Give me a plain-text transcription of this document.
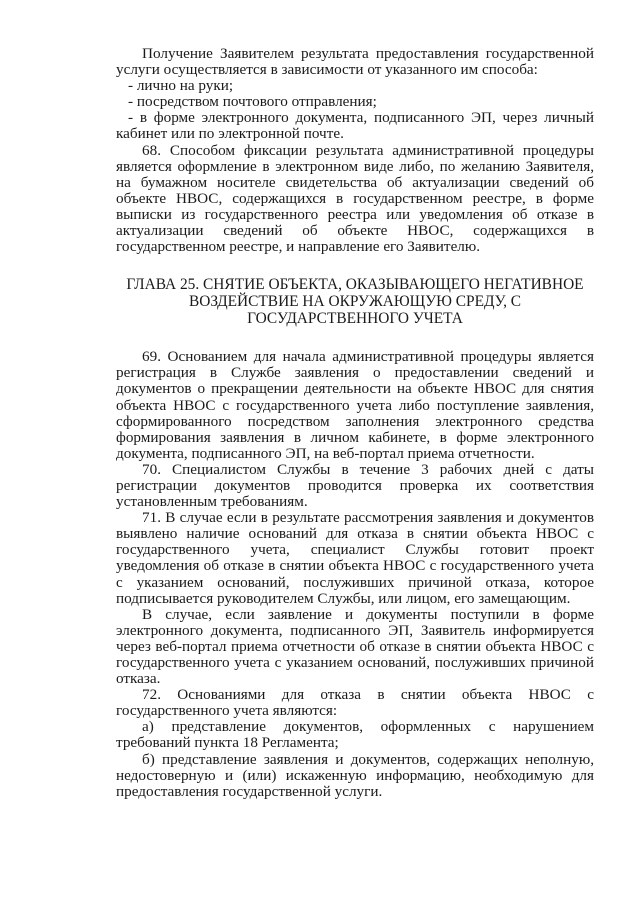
Получение Заявителем результата предоставления государственной услуги осуществляется в зависимости от указанного им способа:

- лично на руки;

- посредством почтового отправления;

- в форме электронного документа, подписанного ЭП, через личный кабинет или по электронной почте.

68. Способом фиксации результата административной процедуры является оформление в электронном виде либо, по желанию Заявителя, на бумажном носителе свидетельства об актуализации сведений об объекте НВОС, содержащихся в государственном реестре, в форме выписки из государственного реестра или уведомления об отказе в актуализации сведений об объекте НВОС, содержащихся в государственном реестре, и направление его Заявителю.

ГЛАВА 25. СНЯТИЕ ОБЪЕКТА, ОКАЗЫВАЮЩЕГО НЕГАТИВНОЕ ВОЗДЕЙСТВИЕ НА ОКРУЖАЮЩУЮ СРЕДУ, С ГОСУДАРСТВЕННОГО УЧЕТА

69. Основанием для начала административной процедуры является регистрация в Службе заявления о предоставлении сведений и документов о прекращении деятельности на объекте НВОС для снятия объекта НВОС с государственного учета либо поступление заявления, сформированного посредством заполнения электронного средства формирования заявления в личном кабинете, в форме электронного документа, подписанного ЭП, на веб-портал приема отчетности.

70. Специалистом Службы в течение 3 рабочих дней с даты регистрации документов проводится проверка их соответствия установленным требованиям.

71. В случае если в результате рассмотрения заявления и документов выявлено наличие оснований для отказа в снятии объекта НВОС с государственного учета, специалист Службы готовит проект уведомления об отказе в снятии объекта НВОС с государственного учета с указанием оснований, послуживших причиной отказа, которое подписывается руководителем Службы, или лицом, его замещающим.

В случае, если заявление и документы поступили в форме электронного документа, подписанного ЭП, Заявитель информируется через веб-портал приема отчетности об отказе в снятии объекта НВОС с государственного учета с указанием оснований, послуживших причиной отказа.

72. Основаниями для отказа в снятии объекта НВОС с государственного учета являются:

а) представление документов, оформленных с нарушением требований пункта 18 Регламента;

б) представление заявления и документов, содержащих неполную, недостоверную и (или) искаженную информацию, необходимую для предоставления государственной услуги.
